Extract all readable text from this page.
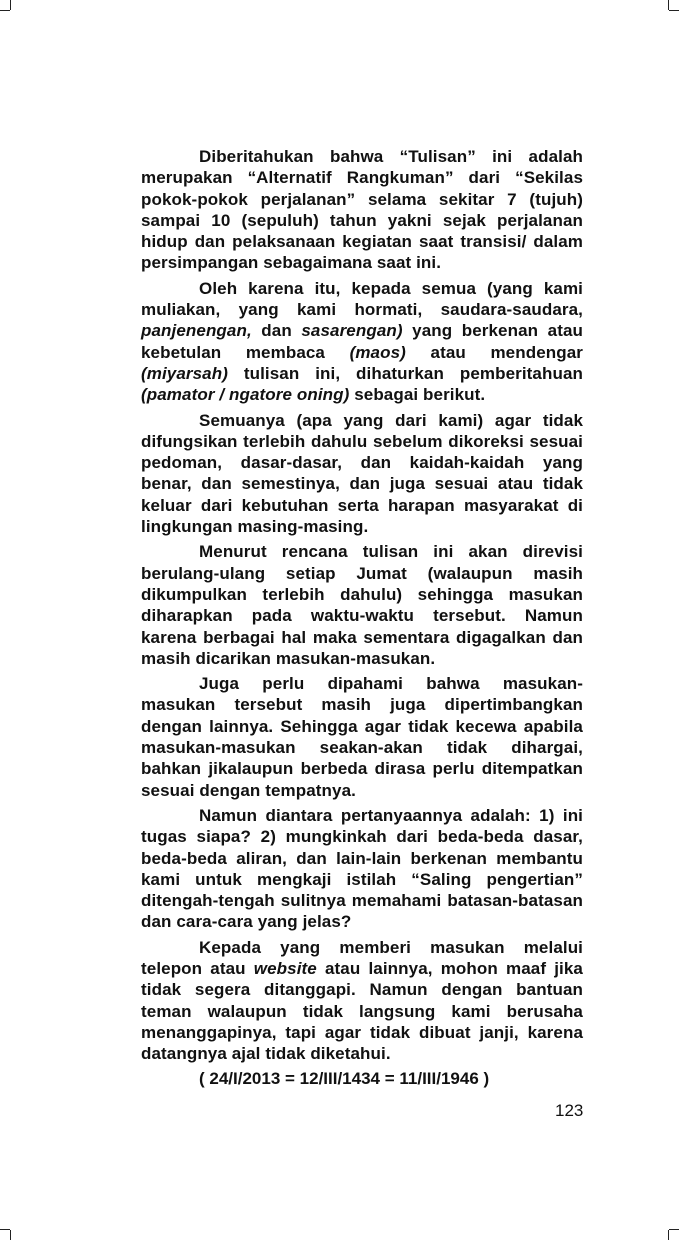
Diberitahukan bahwa “Tulisan” ini adalah merupakan “Alternatif Rangkuman” dari “Sekilas pokok-pokok perjalanan” selama sekitar 7 (tujuh) sampai 10 (sepuluh) tahun yakni sejak perjalanan hidup dan pelaksanaan kegiatan saat transisi/ dalam persimpangan sebagaimana saat ini.

Oleh karena itu, kepada semua (yang kami muliakan, yang kami hormati, saudara-saudara, panjenengan, dan sasarengan) yang berkenan atau kebetulan membaca (maos) atau mendengar (miyarsah) tulisan ini, dihaturkan pemberitahuan (pamator / ngatore oning) sebagai berikut.

Semuanya (apa yang dari kami) agar tidak difungsikan terlebih dahulu sebelum dikoreksi sesuai pedoman, dasar-dasar, dan kaidah-kaidah yang benar, dan semestinya, dan juga sesuai atau tidak keluar dari kebutuhan serta harapan masyarakat di lingkungan masing-masing.

Menurut rencana tulisan ini akan direvisi berulang-ulang setiap Jumat (walaupun masih dikumpulkan terlebih dahulu) sehingga masukan diharapkan pada waktu-waktu tersebut. Namun karena berbagai hal maka sementara digagalkan dan masih dicarikan masukan-masukan.

Juga perlu dipahami bahwa masukan-masukan tersebut masih juga dipertimbangkan dengan lainnya. Sehingga agar tidak kecewa apabila masukan-masukan seakan-akan tidak dihargai, bahkan jikalaupun berbeda dirasa perlu ditempatkan sesuai dengan tempatnya.

Namun diantara pertanyaannya adalah: 1) ini tugas siapa? 2) mungkinkah dari beda-beda dasar, beda-beda aliran, dan lain-lain berkenan membantu kami untuk mengkaji istilah “Saling pengertian” ditengah-tengah sulitnya memahami batasan-batasan dan cara-cara yang jelas?

Kepada yang memberi masukan melalui telepon atau website atau lainnya, mohon maaf jika tidak segera ditanggapi. Namun dengan bantuan teman walaupun tidak langsung kami berusaha menanggapinya, tapi agar tidak dibuat janji, karena datangnya ajal tidak diketahui.

( 24/I/2013 = 12/III/1434 = 11/III/1946 )
123
